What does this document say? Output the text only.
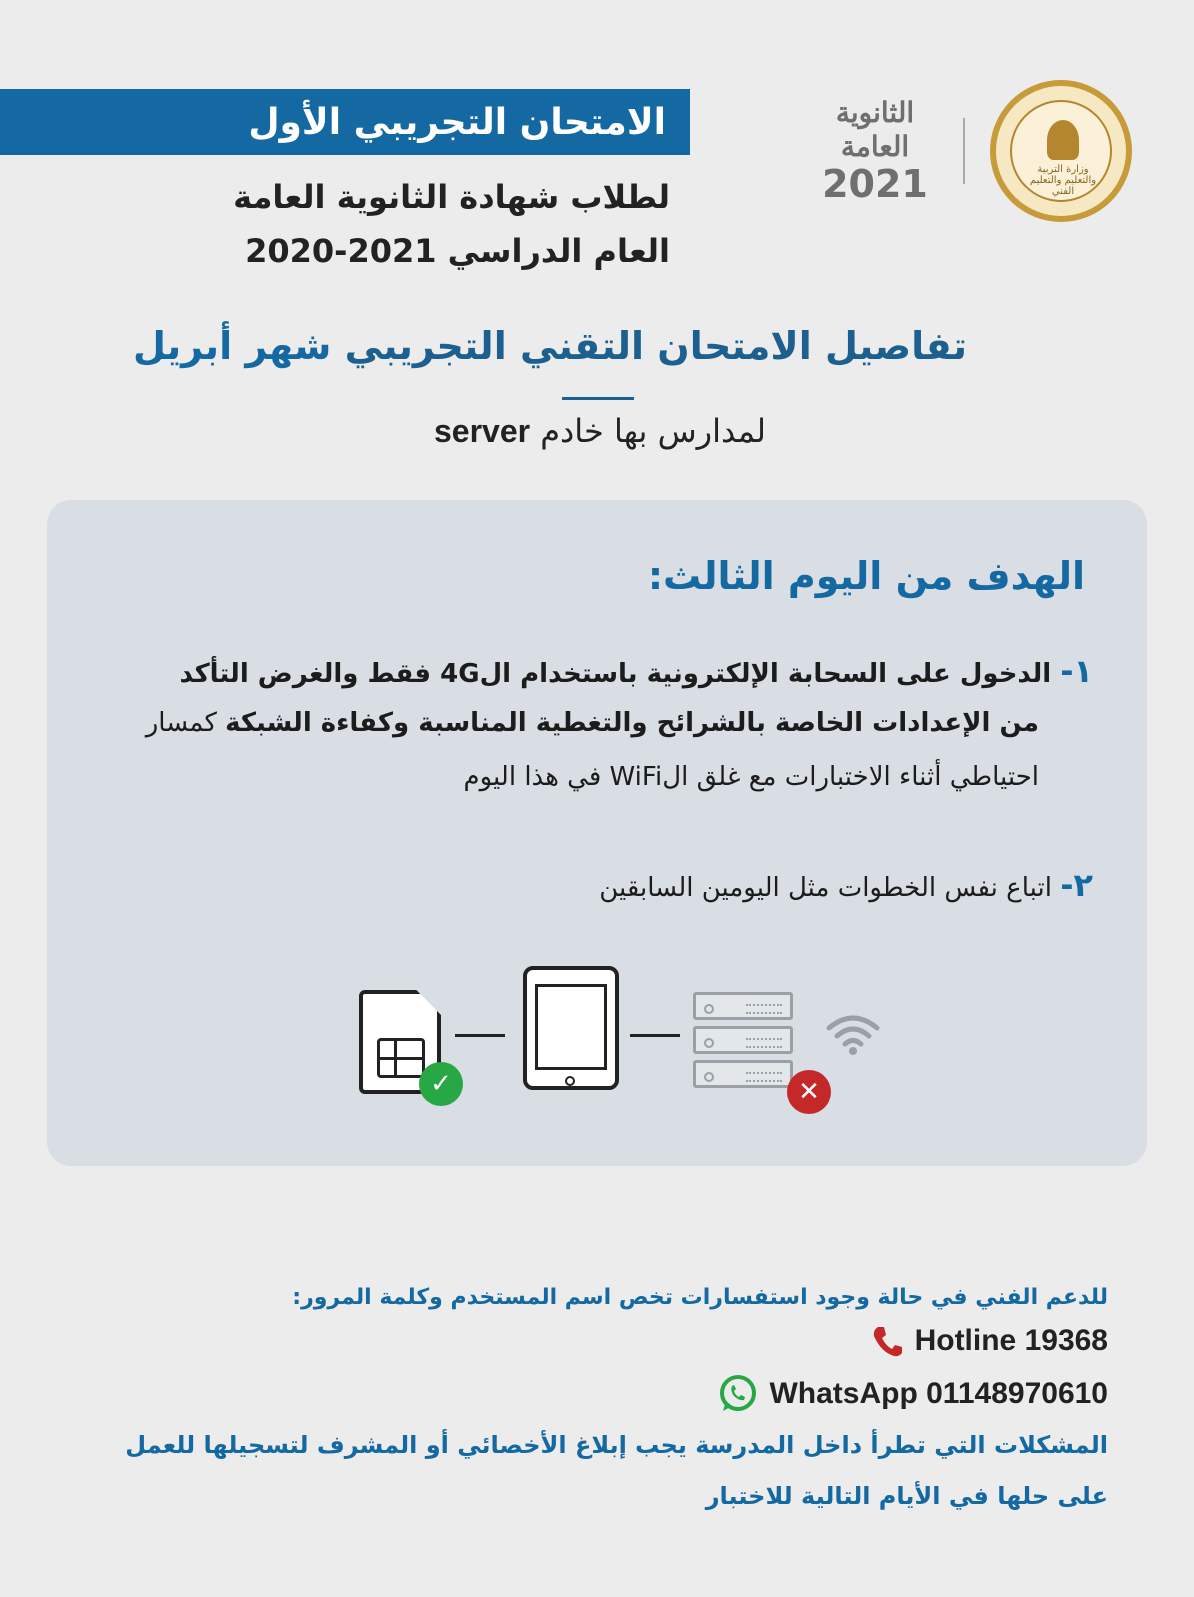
الامتحان التجريبي الأول
لطلاب شهادة الثانوية العامة
العام الدراسي 2021-2020
وزارة التربية والتعليم والتعليم الفني
الثانوية العامة
2021
تفاصيل الامتحان التقني التجريبي شهر أبريل
لمدارس بها خادم server
الهدف من اليوم الثالث:
١- الدخول على السحابة الإلكترونية باستخدام ال4G فقط والغرض التأكد
من الإعدادات الخاصة بالشرائح والتغطية المناسبة وكفاءة الشبكة كمسار
احتياطي أثناء الاختبارات مع غلق الWiFi في هذا اليوم
٢- اتباع نفس الخطوات مثل اليومين السابقين
✓	✕
للدعم الفني في حالة وجود استفسارات تخص اسم المستخدم وكلمة المرور:
Hotline 19368
WhatsApp 01148970610
المشكلات التي تطرأ داخل المدرسة يجب إبلاغ الأخصائي أو المشرف لتسجيلها للعمل
على حلها في الأيام التالية للاختبار
